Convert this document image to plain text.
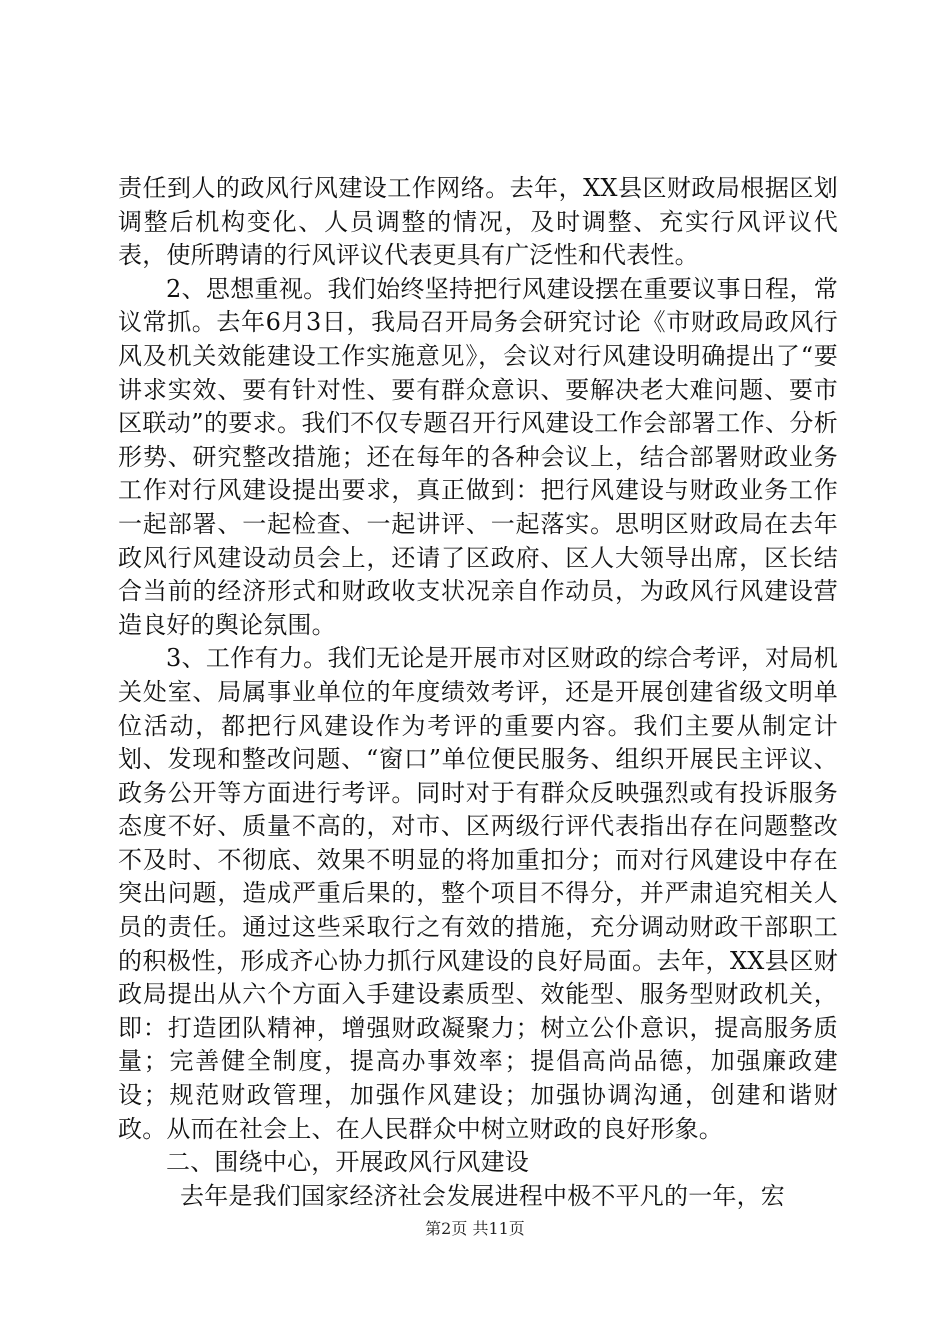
责任到人的政风行风建设工作网络。去年，XX县区财政局根据区划调整后机构变化、人员调整的情况，及时调整、充实行风评议代表，使所聘请的行风评议代表更具有广泛性和代表性。

2、思想重视。我们始终坚持把行风建设摆在重要议事日程，常议常抓。去年6月3日，我局召开局务会研究讨论《市财政局政风行风及机关效能建设工作实施意见》，会议对行风建设明确提出了“要讲求实效、要有针对性、要有群众意识、要解决老大难问题、要市区联动”的要求。我们不仅专题召开行风建设工作会部署工作、分析形势、研究整改措施；还在每年的各种会议上，结合部署财政业务工作对行风建设提出要求，真正做到：把行风建设与财政业务工作一起部署、一起检查、一起讲评、一起落实。思明区财政局在去年政风行风建设动员会上，还请了区政府、区人大领导出席，区长结合当前的经济形式和财政收支状况亲自作动员，为政风行风建设营造良好的舆论氛围。

3、工作有力。我们无论是开展市对区财政的综合考评，对局机关处室、局属事业单位的年度绩效考评，还是开展创建省级文明单位活动，都把行风建设作为考评的重要内容。我们主要从制定计划、发现和整改问题、“窗口”单位便民服务、组织开展民主评议、政务公开等方面进行考评。同时对于有群众反映强烈或有投诉服务态度不好、质量不高的，对市、区两级行评代表指出存在问题整改不及时、不彻底、效果不明显的将加重扣分；而对行风建设中存在突出问题，造成严重后果的，整个项目不得分，并严肃追究相关人员的责任。通过这些采取行之有效的措施，充分调动财政干部职工的积极性，形成齐心协力抓行风建设的良好局面。去年，XX县区财政局提出从六个方面入手建设素质型、效能型、服务型财政机关，即：打造团队精神，增强财政凝聚力；树立公仆意识，提高服务质量；完善健全制度，提高办事效率；提倡高尚品德，加强廉政建设；规范财政管理，加强作风建设；加强协调沟通，创建和谐财政。从而在社会上、在人民群众中树立财政的良好形象。

二、围绕中心，开展政风行风建设

去年是我们国家经济社会发展进程中极不平凡的一年，宏

第2页 共11页
